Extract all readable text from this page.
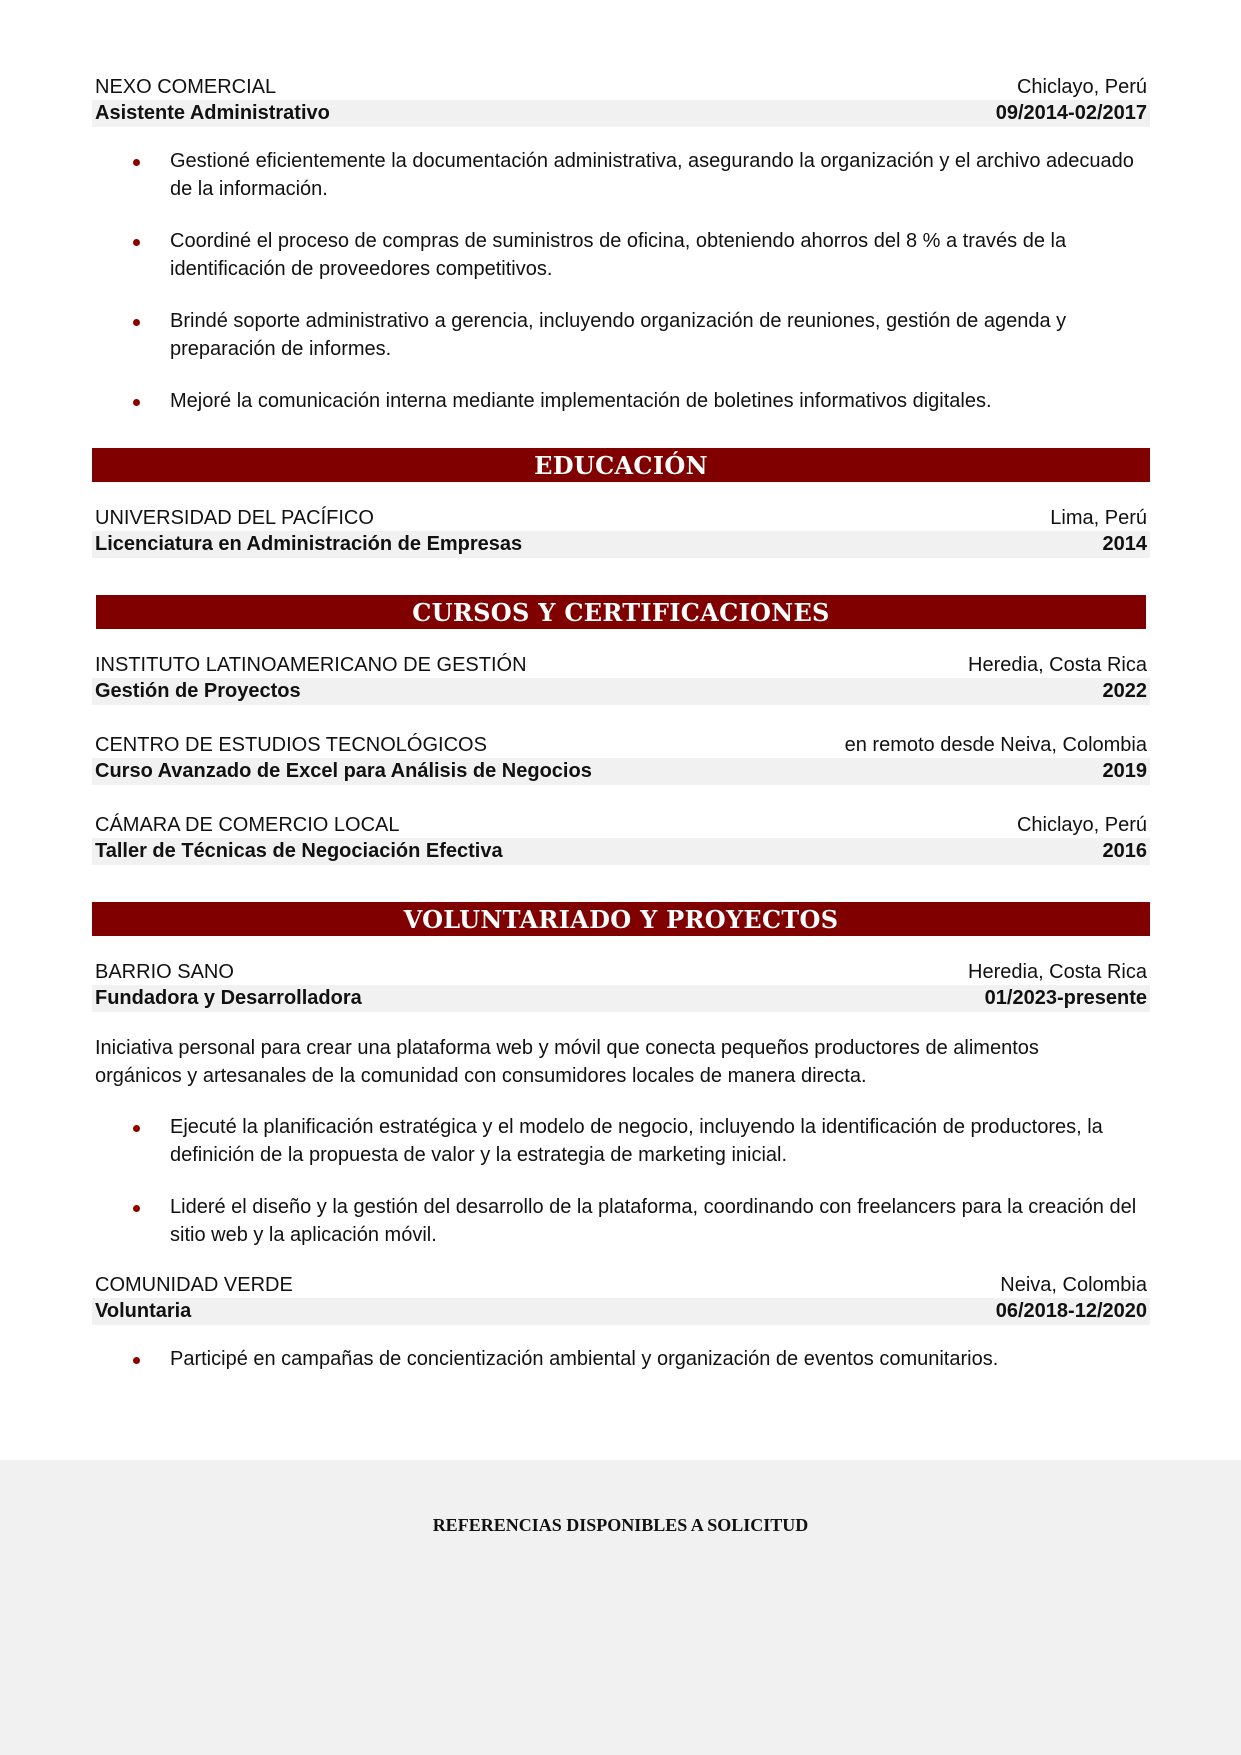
NEXO COMERCIAL	Chiclayo, Perú
Asistente Administrativo	09/2014-02/2017
Gestioné eficientemente la documentación administrativa, asegurando la organización y el archivo adecuado de la información.
Coordiné el proceso de compras de suministros de oficina, obteniendo ahorros del 8 % a través de la identificación de proveedores competitivos.
Brindé soporte administrativo a gerencia, incluyendo organización de reuniones, gestión de agenda y preparación de informes.
Mejoré la comunicación interna mediante implementación de boletines informativos digitales.
EDUCACIÓN
UNIVERSIDAD DEL PACÍFICO	Lima, Perú
Licenciatura en Administración de Empresas	2014
CURSOS Y CERTIFICACIONES
INSTITUTO LATINOAMERICANO DE GESTIÓN	Heredia, Costa Rica
Gestión de Proyectos	2022
CENTRO DE ESTUDIOS TECNOLÓGICOS	en remoto desde Neiva, Colombia
Curso Avanzado de Excel para Análisis de Negocios	2019
CÁMARA DE COMERCIO LOCAL	Chiclayo, Perú
Taller de Técnicas de Negociación Efectiva	2016
VOLUNTARIADO Y PROYECTOS
BARRIO SANO	Heredia, Costa Rica
Fundadora y Desarrolladora	01/2023-presente
Iniciativa personal para crear una plataforma web y móvil que conecta pequeños productores de alimentos orgánicos y artesanales de la comunidad con consumidores locales de manera directa.
Ejecuté la planificación estratégica y el modelo de negocio, incluyendo la identificación de productores, la definición de la propuesta de valor y la estrategia de marketing inicial.
Lideré el diseño y la gestión del desarrollo de la plataforma, coordinando con freelancers para la creación del sitio web y la aplicación móvil.
COMUNIDAD VERDE	Neiva, Colombia
Voluntaria	06/2018-12/2020
Participé en campañas de concientización ambiental y organización de eventos comunitarios.
REFERENCIAS DISPONIBLES A SOLICITUD
